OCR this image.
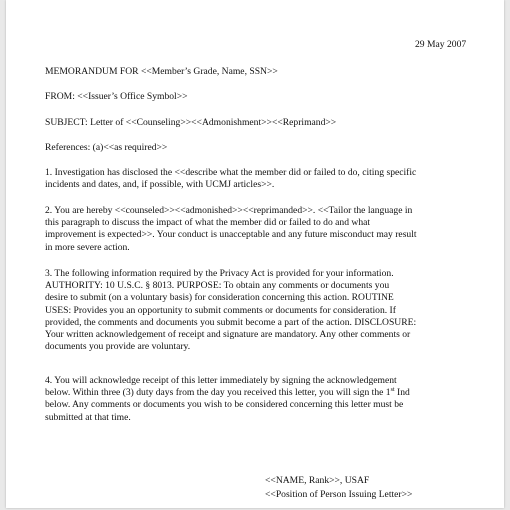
29 May 2007
MEMORANDUM FOR <<Member’s Grade, Name, SSN>>
FROM: <<Issuer’s Office Symbol>>
SUBJECT: Letter of <<Counseling>><<Admonishment>><<Reprimand>>
References: (a)<<as required>>
1. Investigation has disclosed the <<describe what the member did or failed to do, citing specific
incidents and dates, and, if possible, with UCMJ articles>>.
2. You are hereby <<counseled>><<admonished>><<reprimanded>>. <<Tailor the language in
this paragraph to discuss the impact of what the member did or failed to do and what
improvement is expected>>. Your conduct is unacceptable and any future misconduct may result
in more severe action.
3. The following information required by the Privacy Act is provided for your information.
AUTHORITY: 10 U.S.C. § 8013. PURPOSE: To obtain any comments or documents you
desire to submit (on a voluntary basis) for consideration concerning this action. ROUTINE
USES: Provides you an opportunity to submit comments or documents for consideration. If
provided, the comments and documents you submit become a part of the action. DISCLOSURE:
Your written acknowledgement of receipt and signature are mandatory. Any other comments or
documents you provide are voluntary.
4. You will acknowledge receipt of this letter immediately by signing the acknowledgement
below. Within three (3) duty days from the day you received this letter, you will sign the 1st Ind
below. Any comments or documents you wish to be considered concerning this letter must be
submitted at that time.
<<NAME, Rank>>, USAF
<<Position of Person Issuing Letter>>
